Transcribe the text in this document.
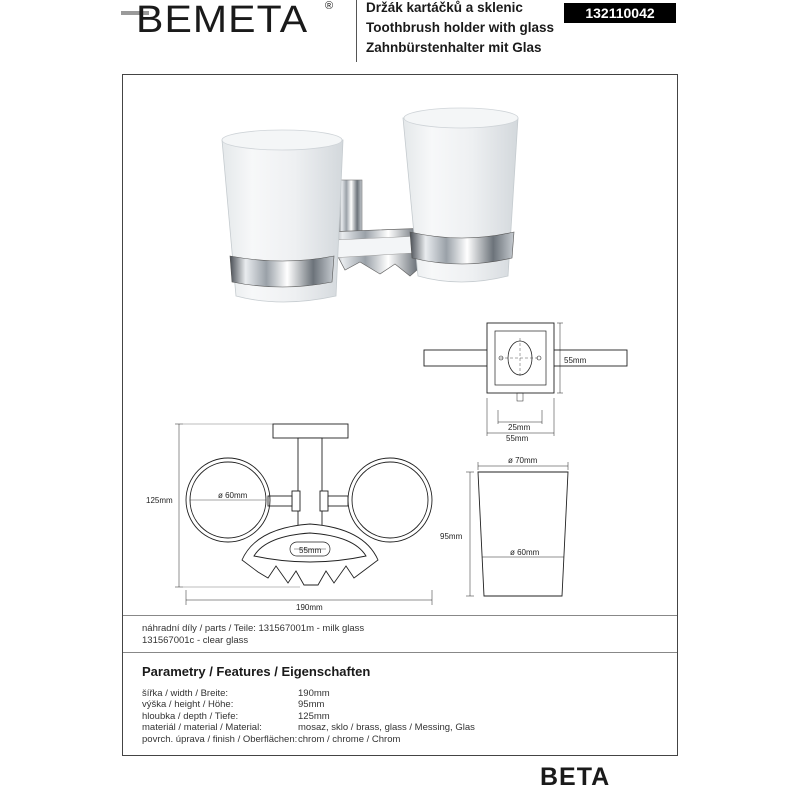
BEMETA ® Držák kartáčků a sklenic
Toothbrush holder with glass
Zahnbürstenhalter mit Glas
132110042
55mm
25mm
55mm
125mm
ø 60mm
55mm
190mm
ø 70mm
95mm
ø 60mm
náhradní díly / parts / Teile: 131567001m - milk glass
131567001c - clear glass
Parametry / Features / Eigenschaften
šířka / width / Breite:	190mm
výška / height / Höhe:	95mm
hloubka / depth / Tiefe:	125mm
materiál / material / Material:	mosaz, sklo / brass, glass / Messing, Glas
povrch. úprava / finish / Oberflächen: chrom / chrome / Chrom
BETA
